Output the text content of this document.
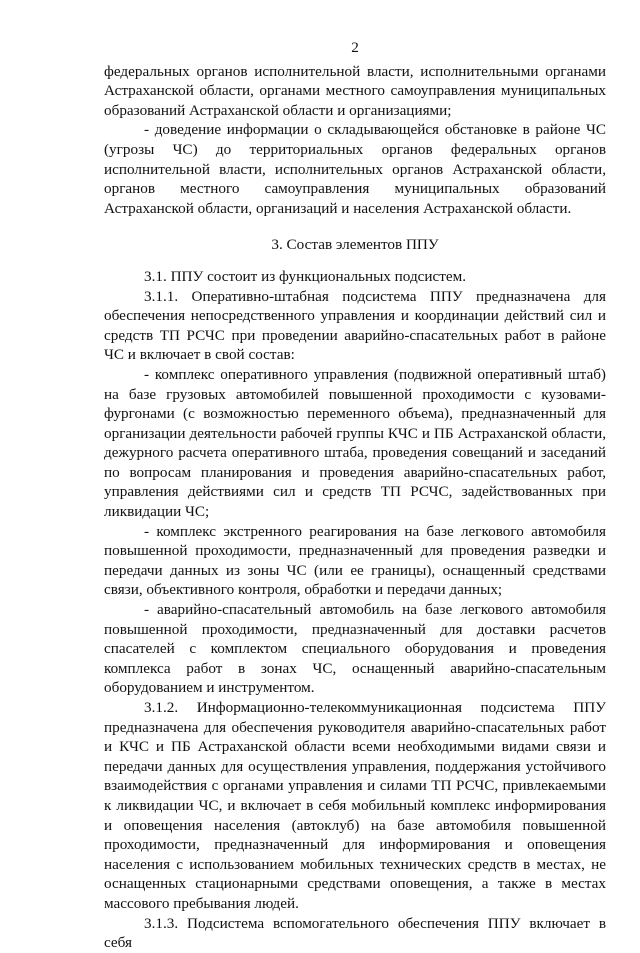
2

федеральных органов исполнительной власти, исполнительными органами Астраханской области, органами местного самоуправления муниципальных образований Астраханской области и организациями;

- доведение информации о складывающейся обстановке в районе ЧС (угрозы ЧС) до территориальных органов федеральных органов исполнительной власти, исполнительных органов Астраханской области, органов местного самоуправления муниципальных образований Астраханской области, организаций и населения Астраханской области.

3. Состав элементов ППУ

3.1. ППУ состоит из функциональных подсистем.

3.1.1. Оперативно-штабная подсистема ППУ предназначена для обеспечения непосредственного управления и координации действий сил и средств ТП РСЧС при проведении аварийно-спасательных работ в районе ЧС и включает в свой состав:

- комплекс оперативного управления (подвижной оперативный штаб) на базе грузовых автомобилей повышенной проходимости с кузовами-фургонами (с возможностью переменного объема), предназначенный для организации деятельности рабочей группы КЧС и ПБ Астраханской области, дежурного расчета оперативного штаба, проведения совещаний и заседаний по вопросам планирования и проведения аварийно-спасательных работ, управления действиями сил и средств ТП РСЧС, задействованных при ликвидации ЧС;

- комплекс экстренного реагирования на базе легкового автомобиля повышенной проходимости, предназначенный для проведения разведки и передачи данных из зоны ЧС (или ее границы), оснащенный средствами связи, объективного контроля, обработки и передачи данных;

- аварийно-спасательный автомобиль на базе легкового автомобиля повышенной проходимости, предназначенный для доставки расчетов спасателей с комплектом специального оборудования и проведения комплекса работ в зонах ЧС, оснащенный аварийно-спасательным оборудованием и инструментом.

3.1.2. Информационно-телекоммуникационная подсистема ППУ предназначена для обеспечения руководителя аварийно-спасательных работ и КЧС и ПБ Астраханской области всеми необходимыми видами связи и передачи данных для осуществления управления, поддержания устойчивого взаимодействия с органами управления и силами ТП РСЧС, привлекаемыми к ликвидации ЧС, и включает в себя мобильный комплекс информирования и оповещения населения (автоклуб) на базе автомобиля повышенной проходимости, предназначенный для информирования и оповещения населения с использованием мобильных технических средств в местах, не оснащенных стационарными средствами оповещения, а также в местах массового пребывания людей.

3.1.3. Подсистема вспомогательного обеспечения ППУ включает в себя
